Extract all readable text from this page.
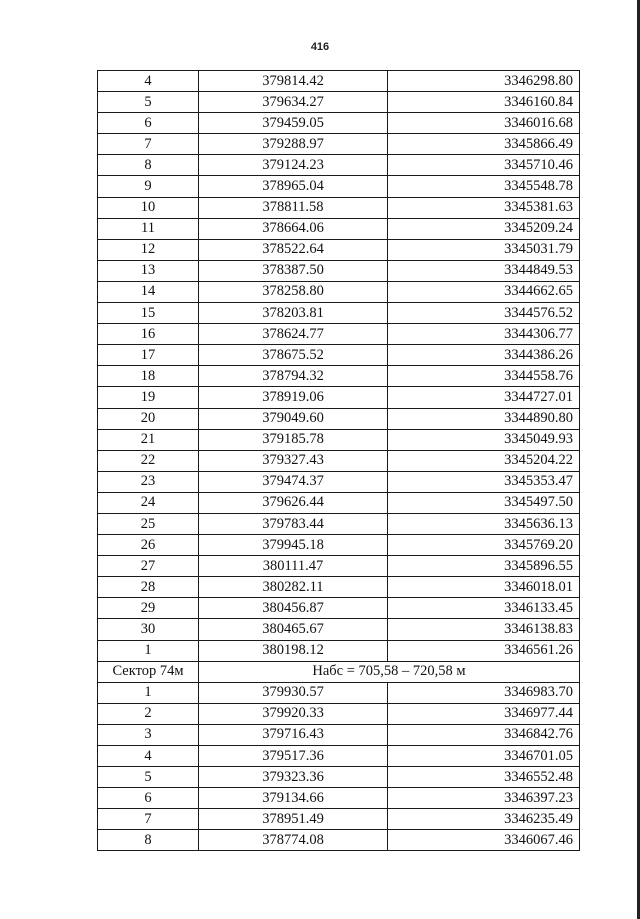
416
4	379814.42	3346298.80
5	379634.27	3346160.84
6	379459.05	3346016.68
7	379288.97	3345866.49
8	379124.23	3345710.46
9	378965.04	3345548.78
10	378811.58	3345381.63
11	378664.06	3345209.24
12	378522.64	3345031.79
13	378387.50	3344849.53
14	378258.80	3344662.65
15	378203.81	3344576.52
16	378624.77	3344306.77
17	378675.52	3344386.26
18	378794.32	3344558.76
19	378919.06	3344727.01
20	379049.60	3344890.80
21	379185.78	3345049.93
22	379327.43	3345204.22
23	379474.37	3345353.47
24	379626.44	3345497.50
25	379783.44	3345636.13
26	379945.18	3345769.20
27	380111.47	3345896.55
28	380282.11	3346018.01
29	380456.87	3346133.45
30	380465.67	3346138.83
1	380198.12	3346561.26
Сектор 74м	Набс = 705,58 – 720,58 м	
1	379930.57	3346983.70
2	379920.33	3346977.44
3	379716.43	3346842.76
4	379517.36	3346701.05
5	379323.36	3346552.48
6	379134.66	3346397.23
7	378951.49	3346235.49
8	378774.08	3346067.46
